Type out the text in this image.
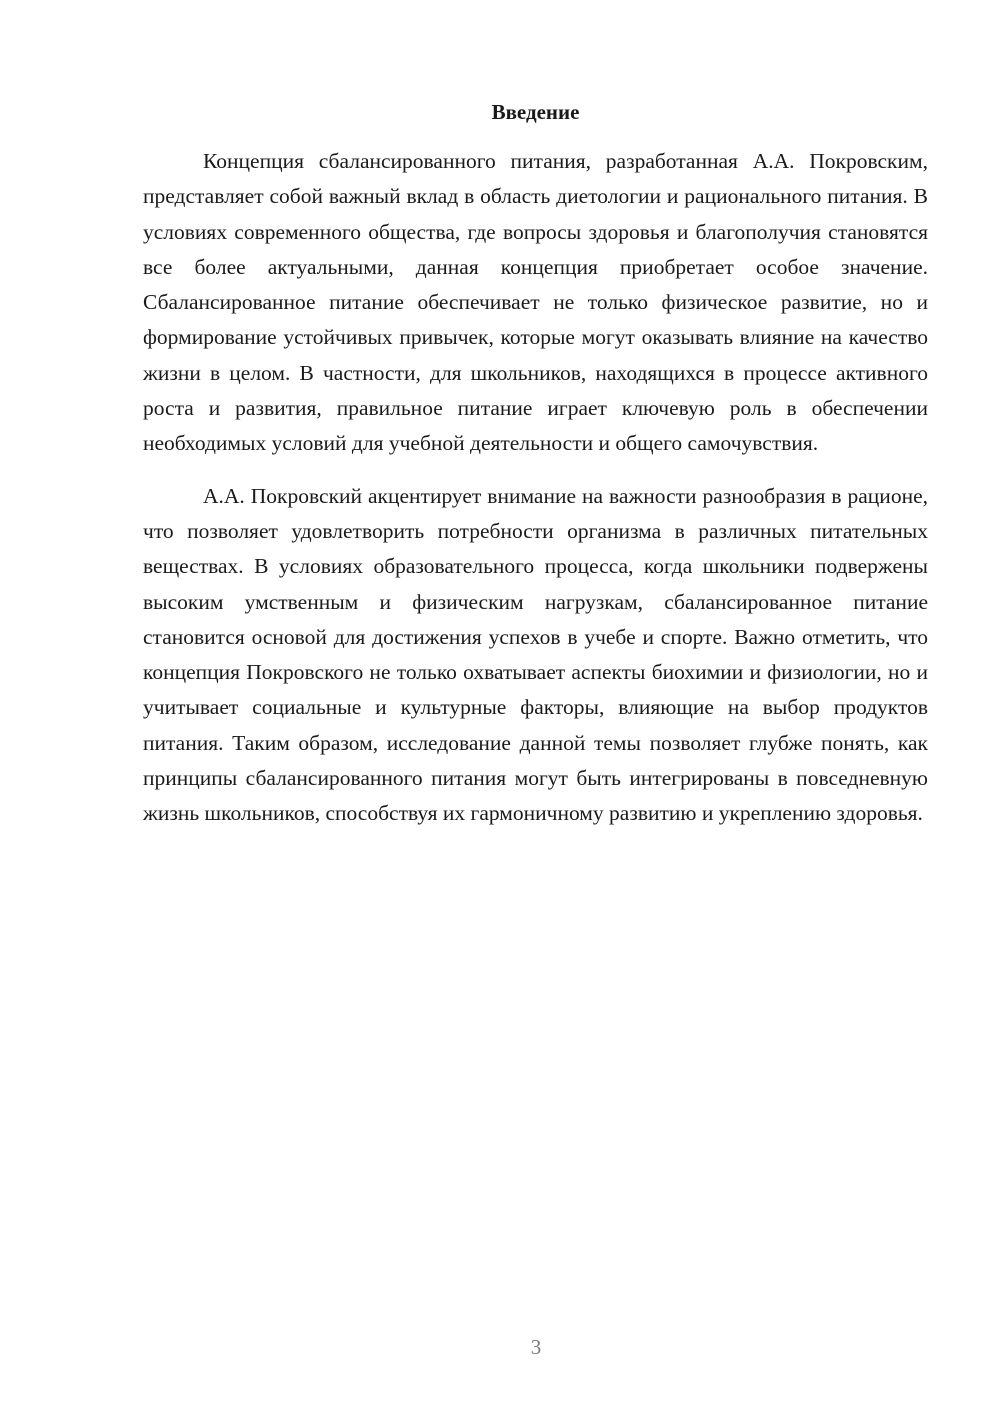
Введение

Концепция сбалансированного питания, разработанная А.А. Покровским, представляет собой важный вклад в область диетологии и рационального питания. В условиях современного общества, где вопросы здоровья и благополучия становятся все более актуальными, данная концепция приобретает особое значение. Сбалансированное питание обеспечивает не только физическое развитие, но и формирование устойчивых привычек, которые могут оказывать влияние на качество жизни в целом. В частности, для школьников, находящихся в процессе активного роста и развития, правильное питание играет ключевую роль в обеспечении необходимых условий для учебной деятельности и общего самочувствия.

А.А. Покровский акцентирует внимание на важности разнообразия в рационе, что позволяет удовлетворить потребности организма в различных питательных веществах. В условиях образовательного процесса, когда школьники подвержены высоким умственным и физическим нагрузкам, сбалансированное питание становится основой для достижения успехов в учебе и спорте. Важно отметить, что концепция Покровского не только охватывает аспекты биохимии и физиологии, но и учитывает социальные и культурные факторы, влияющие на выбор продуктов питания. Таким образом, исследование данной темы позволяет глубже понять, как принципы сбалансированного питания могут быть интегрированы в повседневную жизнь школьников, способствуя их гармоничному развитию и укреплению здоровья.

3
